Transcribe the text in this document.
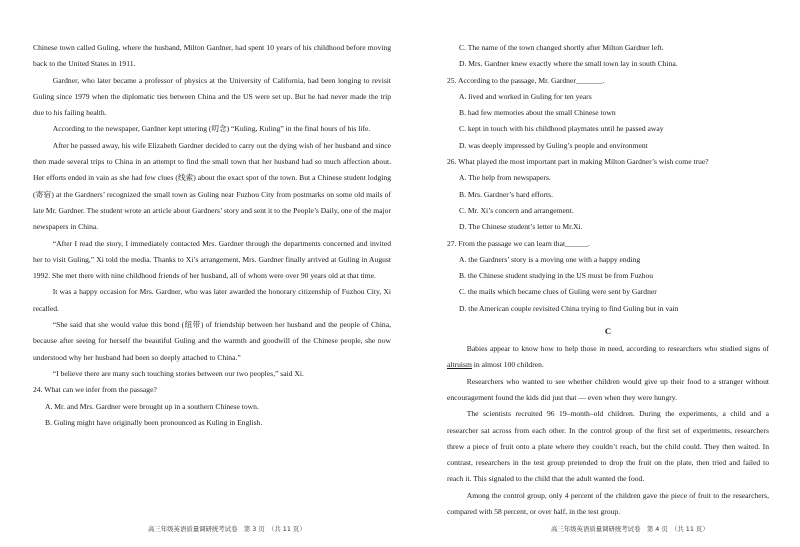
Chinese town called Guling, where the husband, Milton Gardner, had spent 10 years of his childhood before moving back to the United States in 1911.

Gardner, who later became a professor of physics at the University of California, had been longing to revisit Guling since 1979 when the diplomatic ties between China and the US were set up. But he had never made the trip due to his failing health.

According to the newspaper, Gardner kept uttering (叨念) “Kuling, Kuling” in the final hours of his life.

After he passed away, his wife Elizabeth Gardner decided to carry out the dying wish of her husband and since then made several trips to China in an attempt to find the small town that her husband had so much affection about. Her efforts ended in vain as she had few clues (线索) about the exact spot of the town. But a Chinese student lodging (寄宿) at the Gardners’ recognized the small town as Guling near Fuzhou City from postmarks on some old mails of late Mr. Gardner. The student wrote an article about Gardners’ story and sent it to the People’s Daily, one of the major newspapers in China.

“After I read the story, I immediately contacted Mrs. Gardner through the departments concerned and invited her to visit Guling,” Xi told the media. Thanks to Xi’s arrangement, Mrs. Gardner finally arrived at Guling in August 1992. She met there with nine childhood friends of her husband, all of whom were over 90 years old at that time.

It was a happy occasion for Mrs. Gardner, who was later awarded the honorary citizenship of Fuzhou City, Xi recalled.

“She said that she would value this bond (纽带) of friendship between her husband and the people of China, because after seeing for herself the beautiful Guling and the warmth and goodwill of the Chinese people, she now understood why her husband had been so deeply attached to China.”

“I believe there are many such touching stories between our two peoples,” said Xi.

24. What can we infer from the passage?

A. Mr. and Mrs. Gardner were brought up in a southern Chinese town.

B. Guling might have originally been pronounced as Kuling in English.

C. The name of the town changed shortly after Milton Gardner left.

D. Mrs. Gardner knew exactly where the small town lay in south China.

25. According to the passage, Mr. Gardner_______.

A. lived and worked in Guling for ten years

B. had few memories about the small Chinese town

C. kept in touch with his childhood playmates until he passed away

D. was deeply impressed by Guling’s people and environment

26. What played the most important part in making Milton Gardner’s wish come true?

A. The help from newspapers.

B. Mrs. Gardner’s hard efforts.

C. Mr. Xi’s concern and arrangement.

D. The Chinese student’s letter to Mr.Xi.

27. From the passage we can learn that______.

A. the Gardners’ story is a moving one with a happy ending

B. the Chinese student studying in the US must be from Fuzhou

C. the mails which became clues of Guling were sent by Gardner

D. the American couple revisited China trying to find Guling but in vain

C

Babies appear to know how to help those in need, according to researchers who studied signs of altruism in almost 100 children.

Researchers who wanted to see whether children would give up their food to a stranger without encouragement found the kids did just that — even when they were hungry.

The scientists recruited 96 19–month–old children. During the experiments, a child and a researcher sat across from each other. In the control group of the first set of experiments, researchers threw a piece of fruit onto a plate where they couldn’t reach, but the child could. They then waited. In contrast, researchers in the test group pretended to drop the fruit on the plate, then tried and failed to reach it. This signaled to the child that the adult wanted the food.

Among the control group, only 4 percent of the children gave the piece of fruit to the researchers, compared with 58 percent, or over half, in the test group.

高三年级英语质量调研统考试卷　第 3 页　（共 11 页）	高三年级英语质量调研统考试卷　第 4 页　（共 11 页）
